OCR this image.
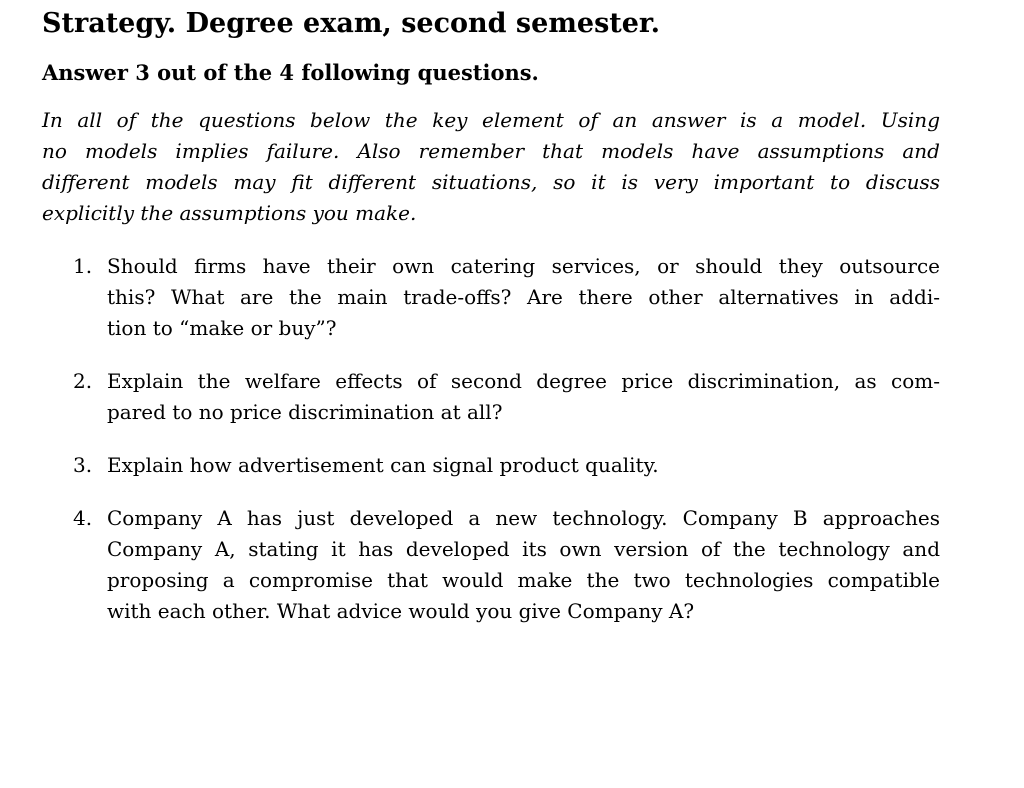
Strategy. Degree exam, second semester.

Answer 3 out of the 4 following questions.

In all of the questions below the key element of an answer is a model. Using
no models implies failure. Also remember that models have assumptions and
different models may fit different situations, so it is very important to discuss
explicitly the assumptions you make.

1. Should firms have their own catering services, or should they outsource
this? What are the main trade-offs? Are there other alternatives in addi-
tion to “make or buy”?
2. Explain the welfare effects of second degree price discrimination, as com-
pared to no price discrimination at all?
3. Explain how advertisement can signal product quality.
4. Company A has just developed a new technology. Company B approaches
Company A, stating it has developed its own version of the technology and
proposing a compromise that would make the two technologies compatible
with each other. What advice would you give Company A?
